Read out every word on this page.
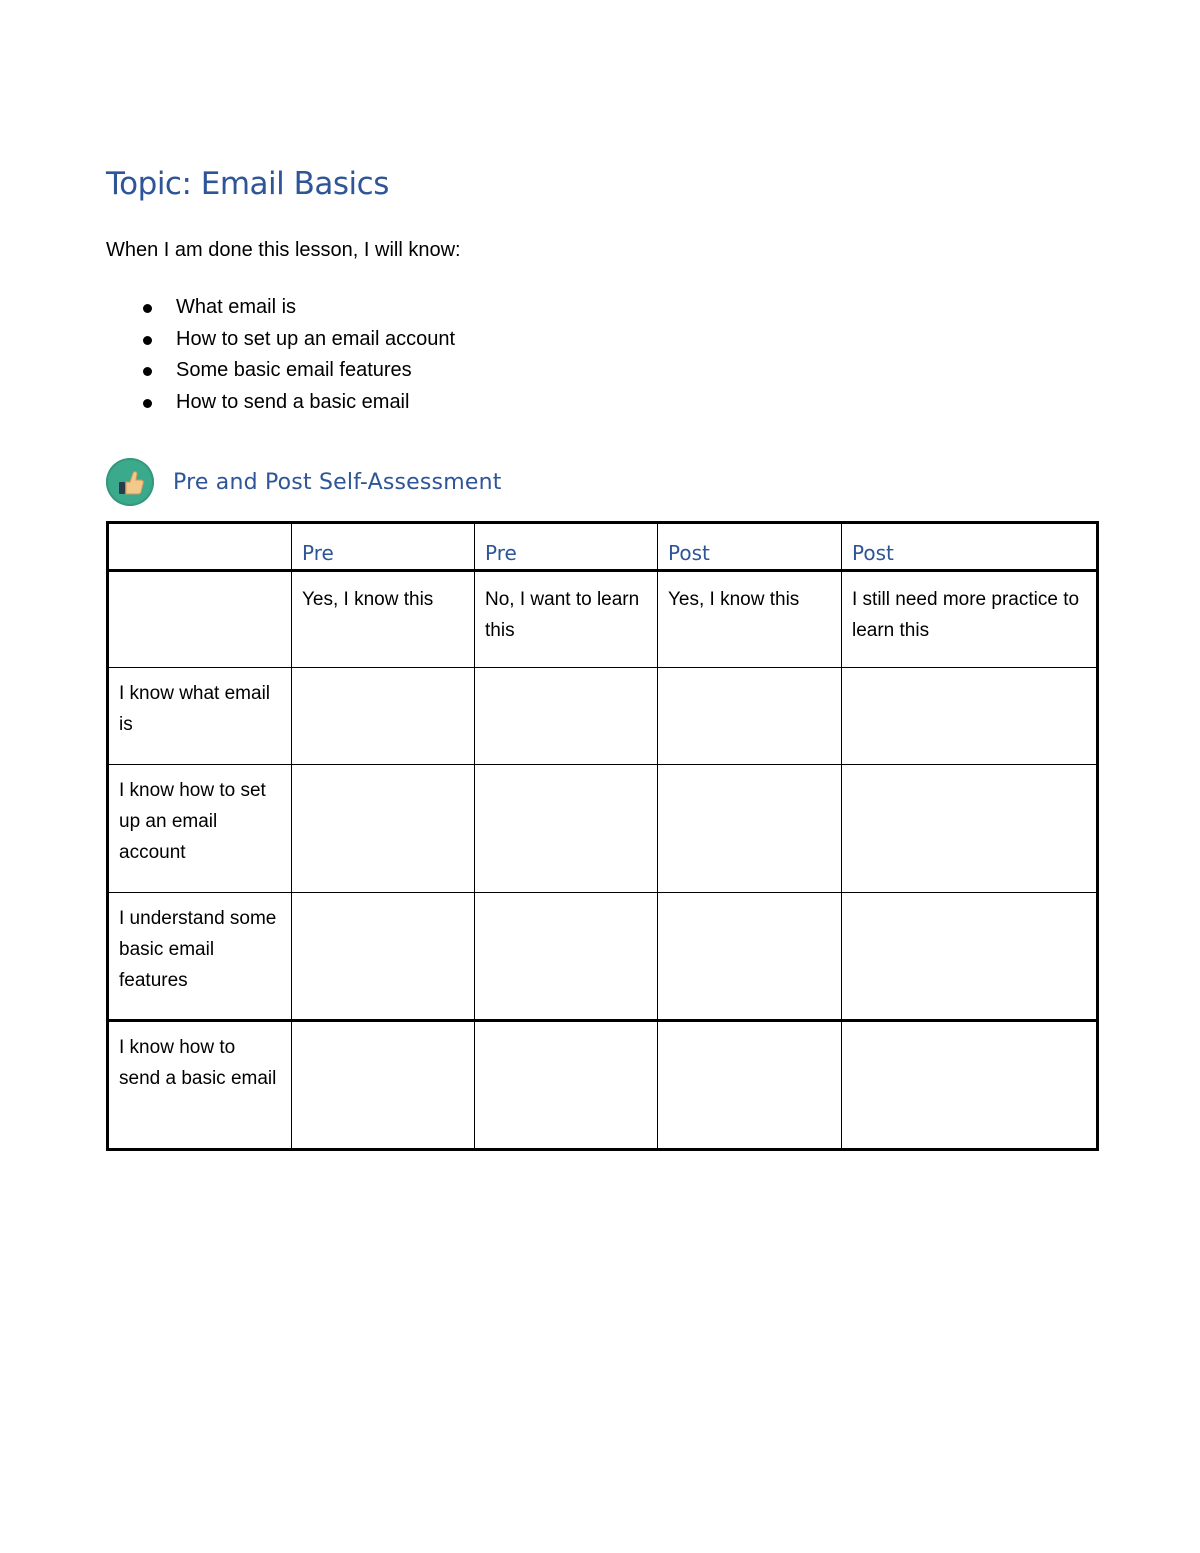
Topic: Email Basics

When I am done this lesson, I will know:

What email is
How to set up an email account
Some basic email features
How to send a basic email
Pre and Post Self-Assessment
	Pre	Pre	Post	Post
	Yes, I know this	No, I want to learn this	Yes, I know this	I still need more practice to learn this
I know what email is				
I know how to set up an email account				
I understand some basic email features				
I know how to send a basic email				
